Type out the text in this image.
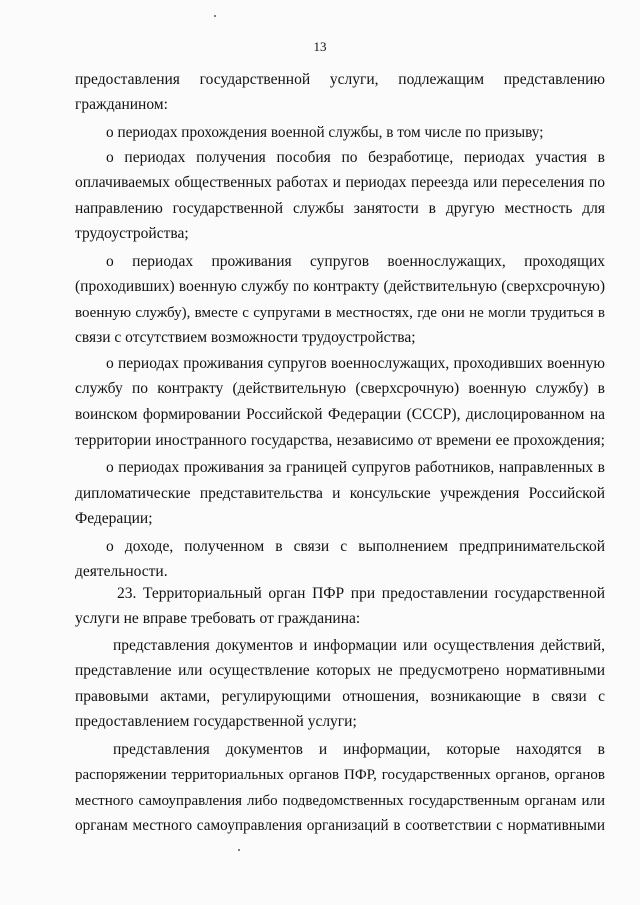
13
предоставления государственной услуги, подлежащим представлению
гражданином:
о периодах прохождения военной службы, в том числе по призыву;
о периодах получения пособия по безработице, периодах участия в
оплачиваемых общественных работах и периодах переезда или переселения по
направлению государственной службы занятости в другую местность для
трудоустройства;
о периодах проживания супругов военнослужащих, проходящих
(проходивших) военную службу по контракту (действительную (сверхсрочную)
военную службу), вместе с супругами в местностях, где они не могли трудиться в
связи с отсутствием возможности трудоустройства;
о периодах проживания супругов военнослужащих, проходивших военную
службу по контракту (действительную (сверхсрочную) военную службу) в
воинском формировании Российской Федерации (СССР), дислоцированном на
территории иностранного государства, независимо от времени ее прохождения;
о периодах проживания за границей супругов работников, направленных в
дипломатические представительства и консульские учреждения Российской
Федерации;
о доходе, полученном в связи с выполнением предпринимательской
деятельности.
23. Территориальный орган ПФР при предоставлении государственной
услуги не вправе требовать от гражданина:
представления документов и информации или осуществления действий,
представление или осуществление которых не предусмотрено нормативными
правовыми актами, регулирующими отношения, возникающие в связи с
предоставлением государственной услуги;
представления документов и информации, которые находятся в
распоряжении территориальных органов ПФР, государственных органов, органов
местного самоуправления либо подведомственных государственным органам или
органам местного самоуправления организаций в соответствии с нормативными
